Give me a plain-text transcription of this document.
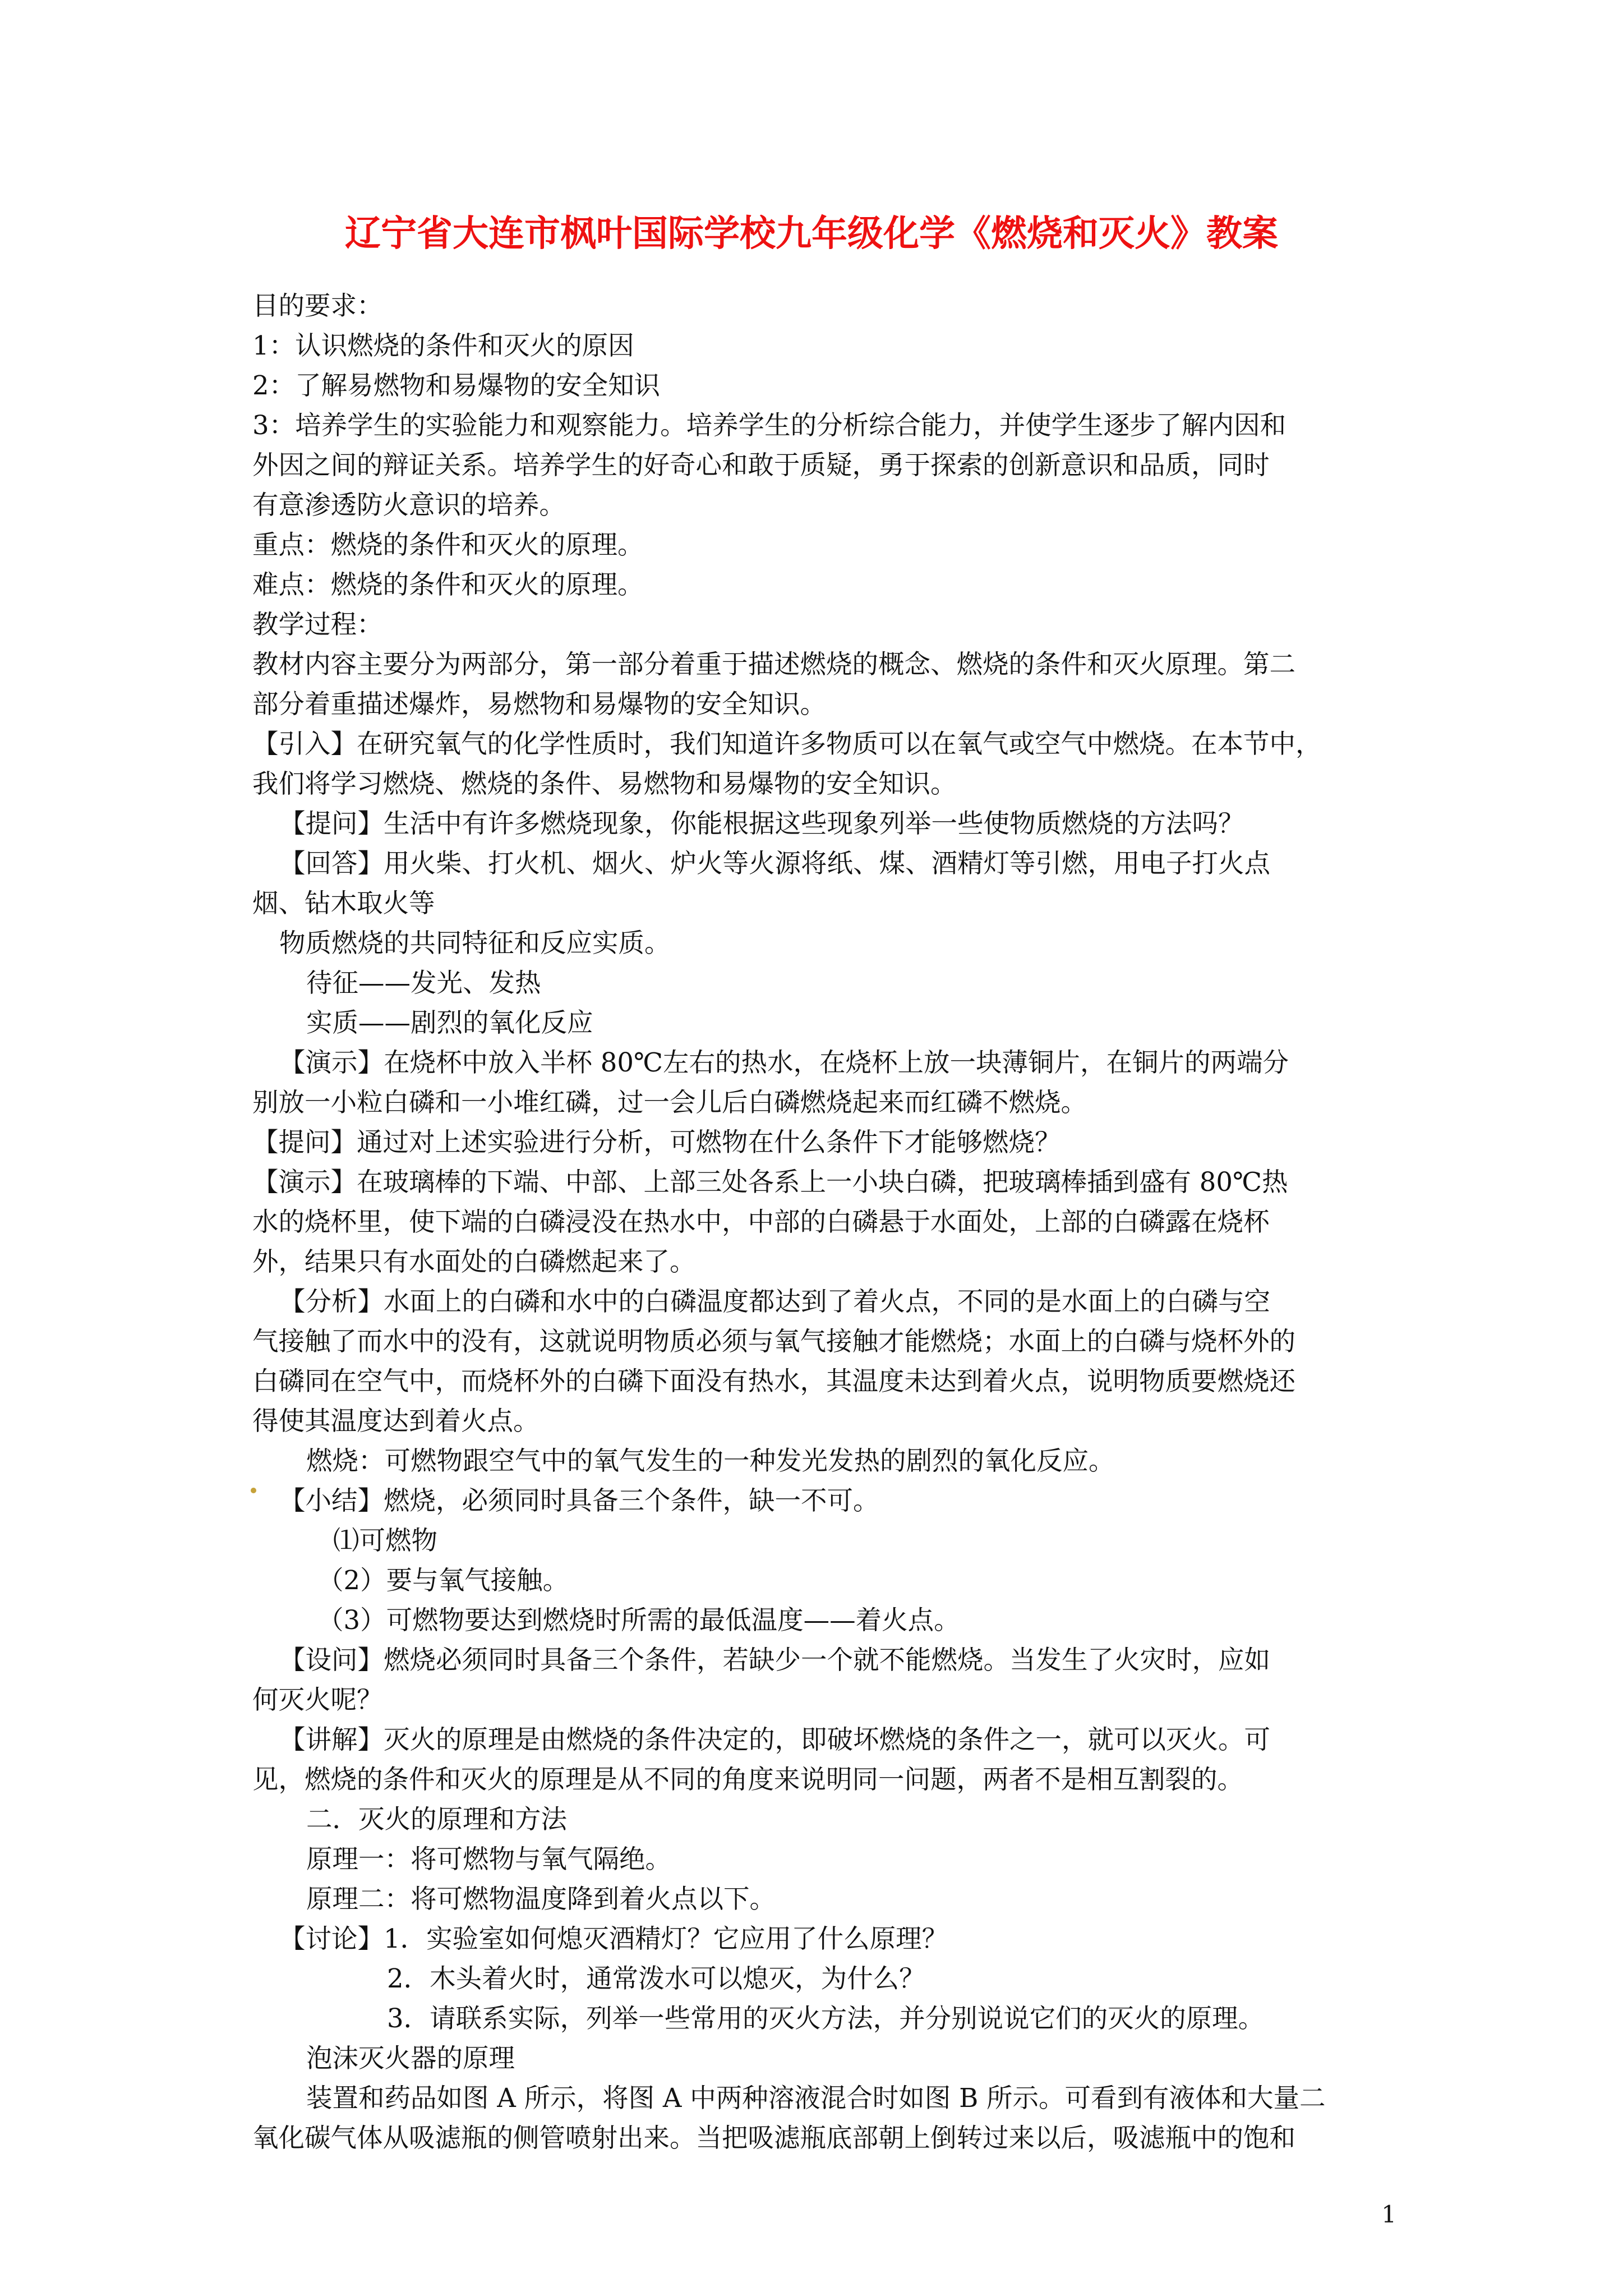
辽宁省大连市枫叶国际学校九年级化学《燃烧和灭火》教案

目的要求：

1：认识燃烧的条件和灭火的原因

2：了解易燃物和易爆物的安全知识

3：培养学生的实验能力和观察能力。培养学生的分析综合能力，并使学生逐步了解内因和

外因之间的辩证关系。培养学生的好奇心和敢于质疑，勇于探索的创新意识和品质，同时

有意渗透防火意识的培养。

重点：燃烧的条件和灭火的原理。

难点：燃烧的条件和灭火的原理。

教学过程：

教材内容主要分为两部分，第一部分着重于描述燃烧的概念、燃烧的条件和灭火原理。第二

部分着重描述爆炸，易燃物和易爆物的安全知识。

【引入】在研究氧气的化学性质时，我们知道许多物质可以在氧气或空气中燃烧。在本节中，

我们将学习燃烧、燃烧的条件、易燃物和易爆物的安全知识。

【提问】生活中有许多燃烧现象，你能根据这些现象列举一些使物质燃烧的方法吗？

【回答】用火柴、打火机、烟火、炉火等火源将纸、煤、酒精灯等引燃，用电子打火点

烟、钻木取火等

物质燃烧的共同特征和反应实质。

待征——发光、发热

实质——剧烈的氧化反应

【演示】在烧杯中放入半杯 80℃左右的热水，在烧杯上放一块薄铜片，在铜片的两端分

别放一小粒白磷和一小堆红磷，过一会儿后白磷燃烧起来而红磷不燃烧。

【提问】通过对上述实验进行分析，可燃物在什么条件下才能够燃烧？

【演示】在玻璃棒的下端、中部、上部三处各系上一小块白磷，把玻璃棒插到盛有 80℃热

水的烧杯里，使下端的白磷浸没在热水中，中部的白磷悬于水面处，上部的白磷露在烧杯

外，结果只有水面处的白磷燃起来了。

【分析】水面上的白磷和水中的白磷温度都达到了着火点，不同的是水面上的白磷与空

气接触了而水中的没有，这就说明物质必须与氧气接触才能燃烧；水面上的白磷与烧杯外的

白磷同在空气中，而烧杯外的白磷下面没有热水，其温度未达到着火点，说明物质要燃烧还

得使其温度达到着火点。

燃烧：可燃物跟空气中的氧气发生的一种发光发热的剧烈的氧化反应。

【小结】燃烧，必须同时具备三个条件，缺一不可。

⑴可燃物

（2）要与氧气接触。

（3）可燃物要达到燃烧时所需的最低温度——着火点。

【设问】燃烧必须同时具备三个条件，若缺少一个就不能燃烧。当发生了火灾时，应如

何灭火呢？

【讲解】灭火的原理是由燃烧的条件决定的，即破坏燃烧的条件之一，就可以灭火。可

见，燃烧的条件和灭火的原理是从不同的角度来说明同一问题，两者不是相互割裂的。

二．灭火的原理和方法

原理一：将可燃物与氧气隔绝。

原理二：将可燃物温度降到着火点以下。

【讨论】1．实验室如何熄灭酒精灯？它应用了什么原理？

2．木头着火时，通常泼水可以熄灭，为什么？

3．请联系实际，列举一些常用的灭火方法，并分别说说它们的灭火的原理。

泡沫灭火器的原理

装置和药品如图 A 所示，将图 A 中两种溶液混合时如图 B 所示。可看到有液体和大量二

氧化碳气体从吸滤瓶的侧管喷射出来。当把吸滤瓶底部朝上倒转过来以后，吸滤瓶中的饱和

1
